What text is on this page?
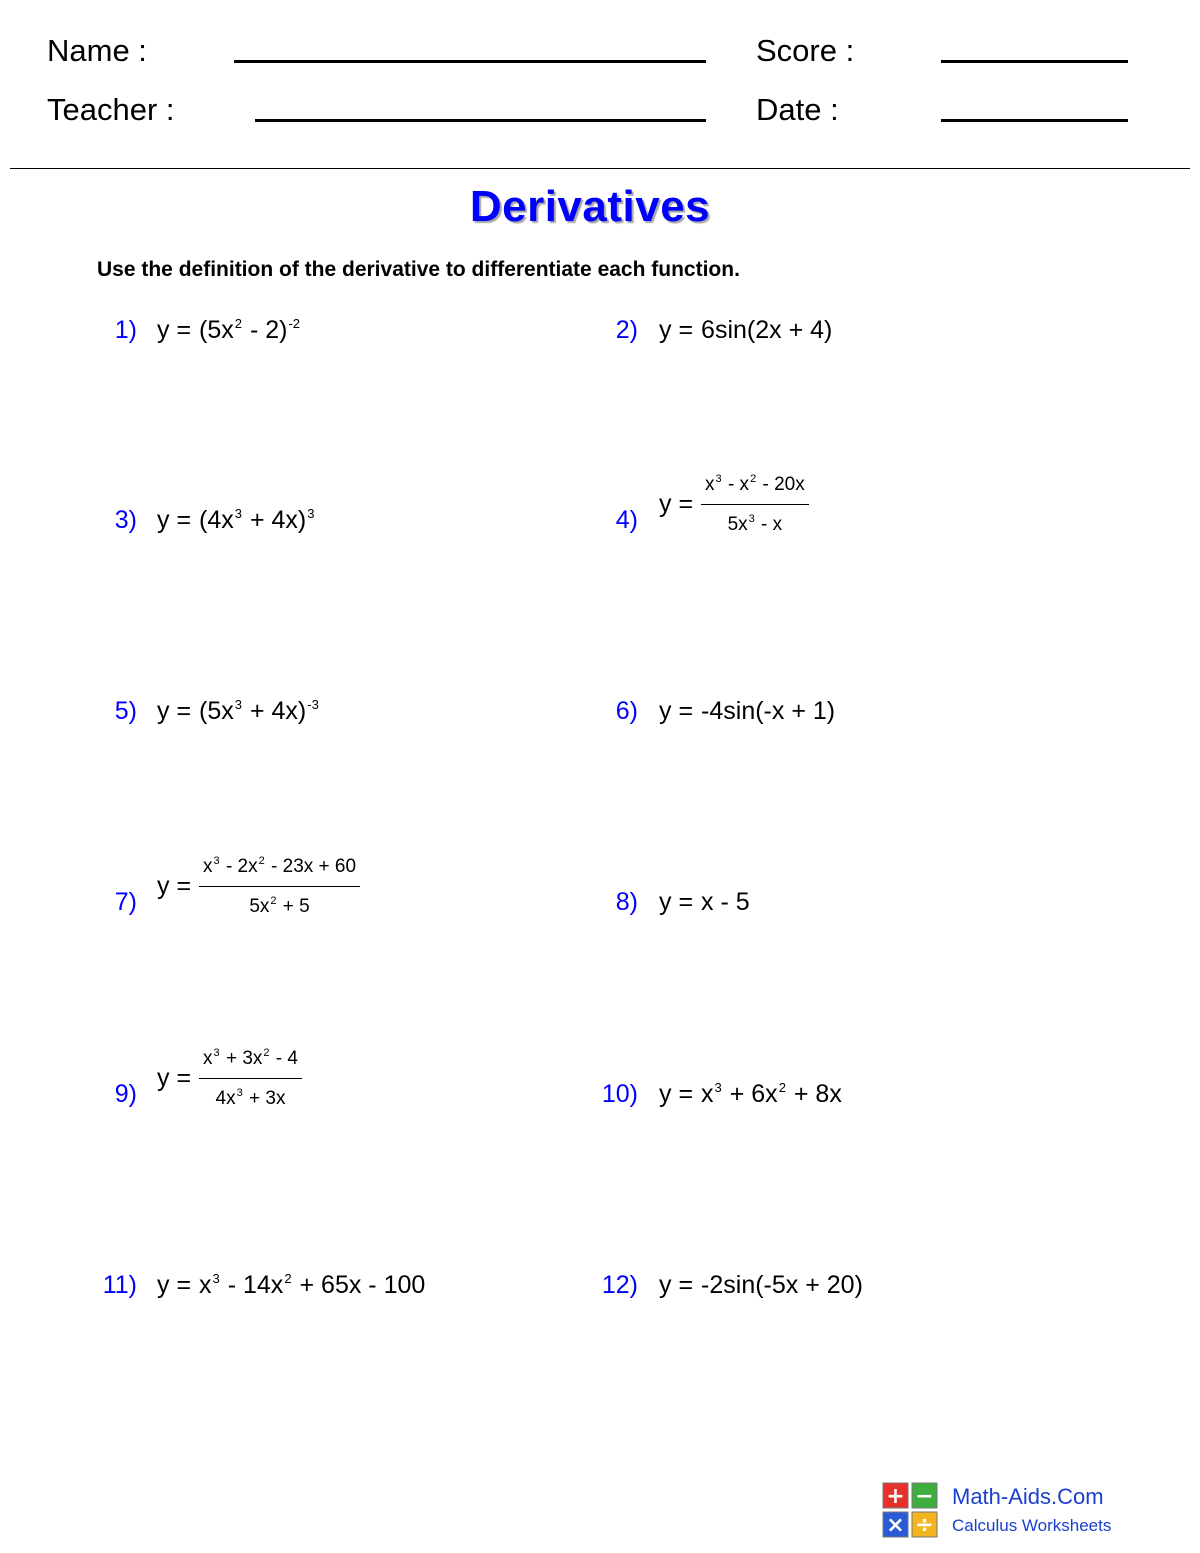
Name :	Score :
Teacher :	Date :
Derivatives
Use the definition of the derivative to differentiate each function.
1) $y = (5x^2 - 2)^{-2}$	2) y = 6sin(2x + 4)
3) $y = (4x^3 + 4x)^3$	4)
$y = \frac{x^3 - x^2 - 20x}{5x^3 - x}$
5) $y = (5x^3 + 4x)^{-3}$	6) y = -4sin(-x + 1)
7)
$y = \frac{x^3 - 2x^2 - 23x + 60}{5x^2 + 5}$	8) y = x - 5
9)
$y = \frac{x^3 + 3x^2 - 4}{4x^3 + 3x}$	10) $y = x^3 + 6x^2 + 8x$
11) $y = x^3 - 14x^2 + 65x - 100$	12) y = -2sin(-5x + 20)
+ −
× ÷
Math-Aids.Com
Calculus Worksheets
